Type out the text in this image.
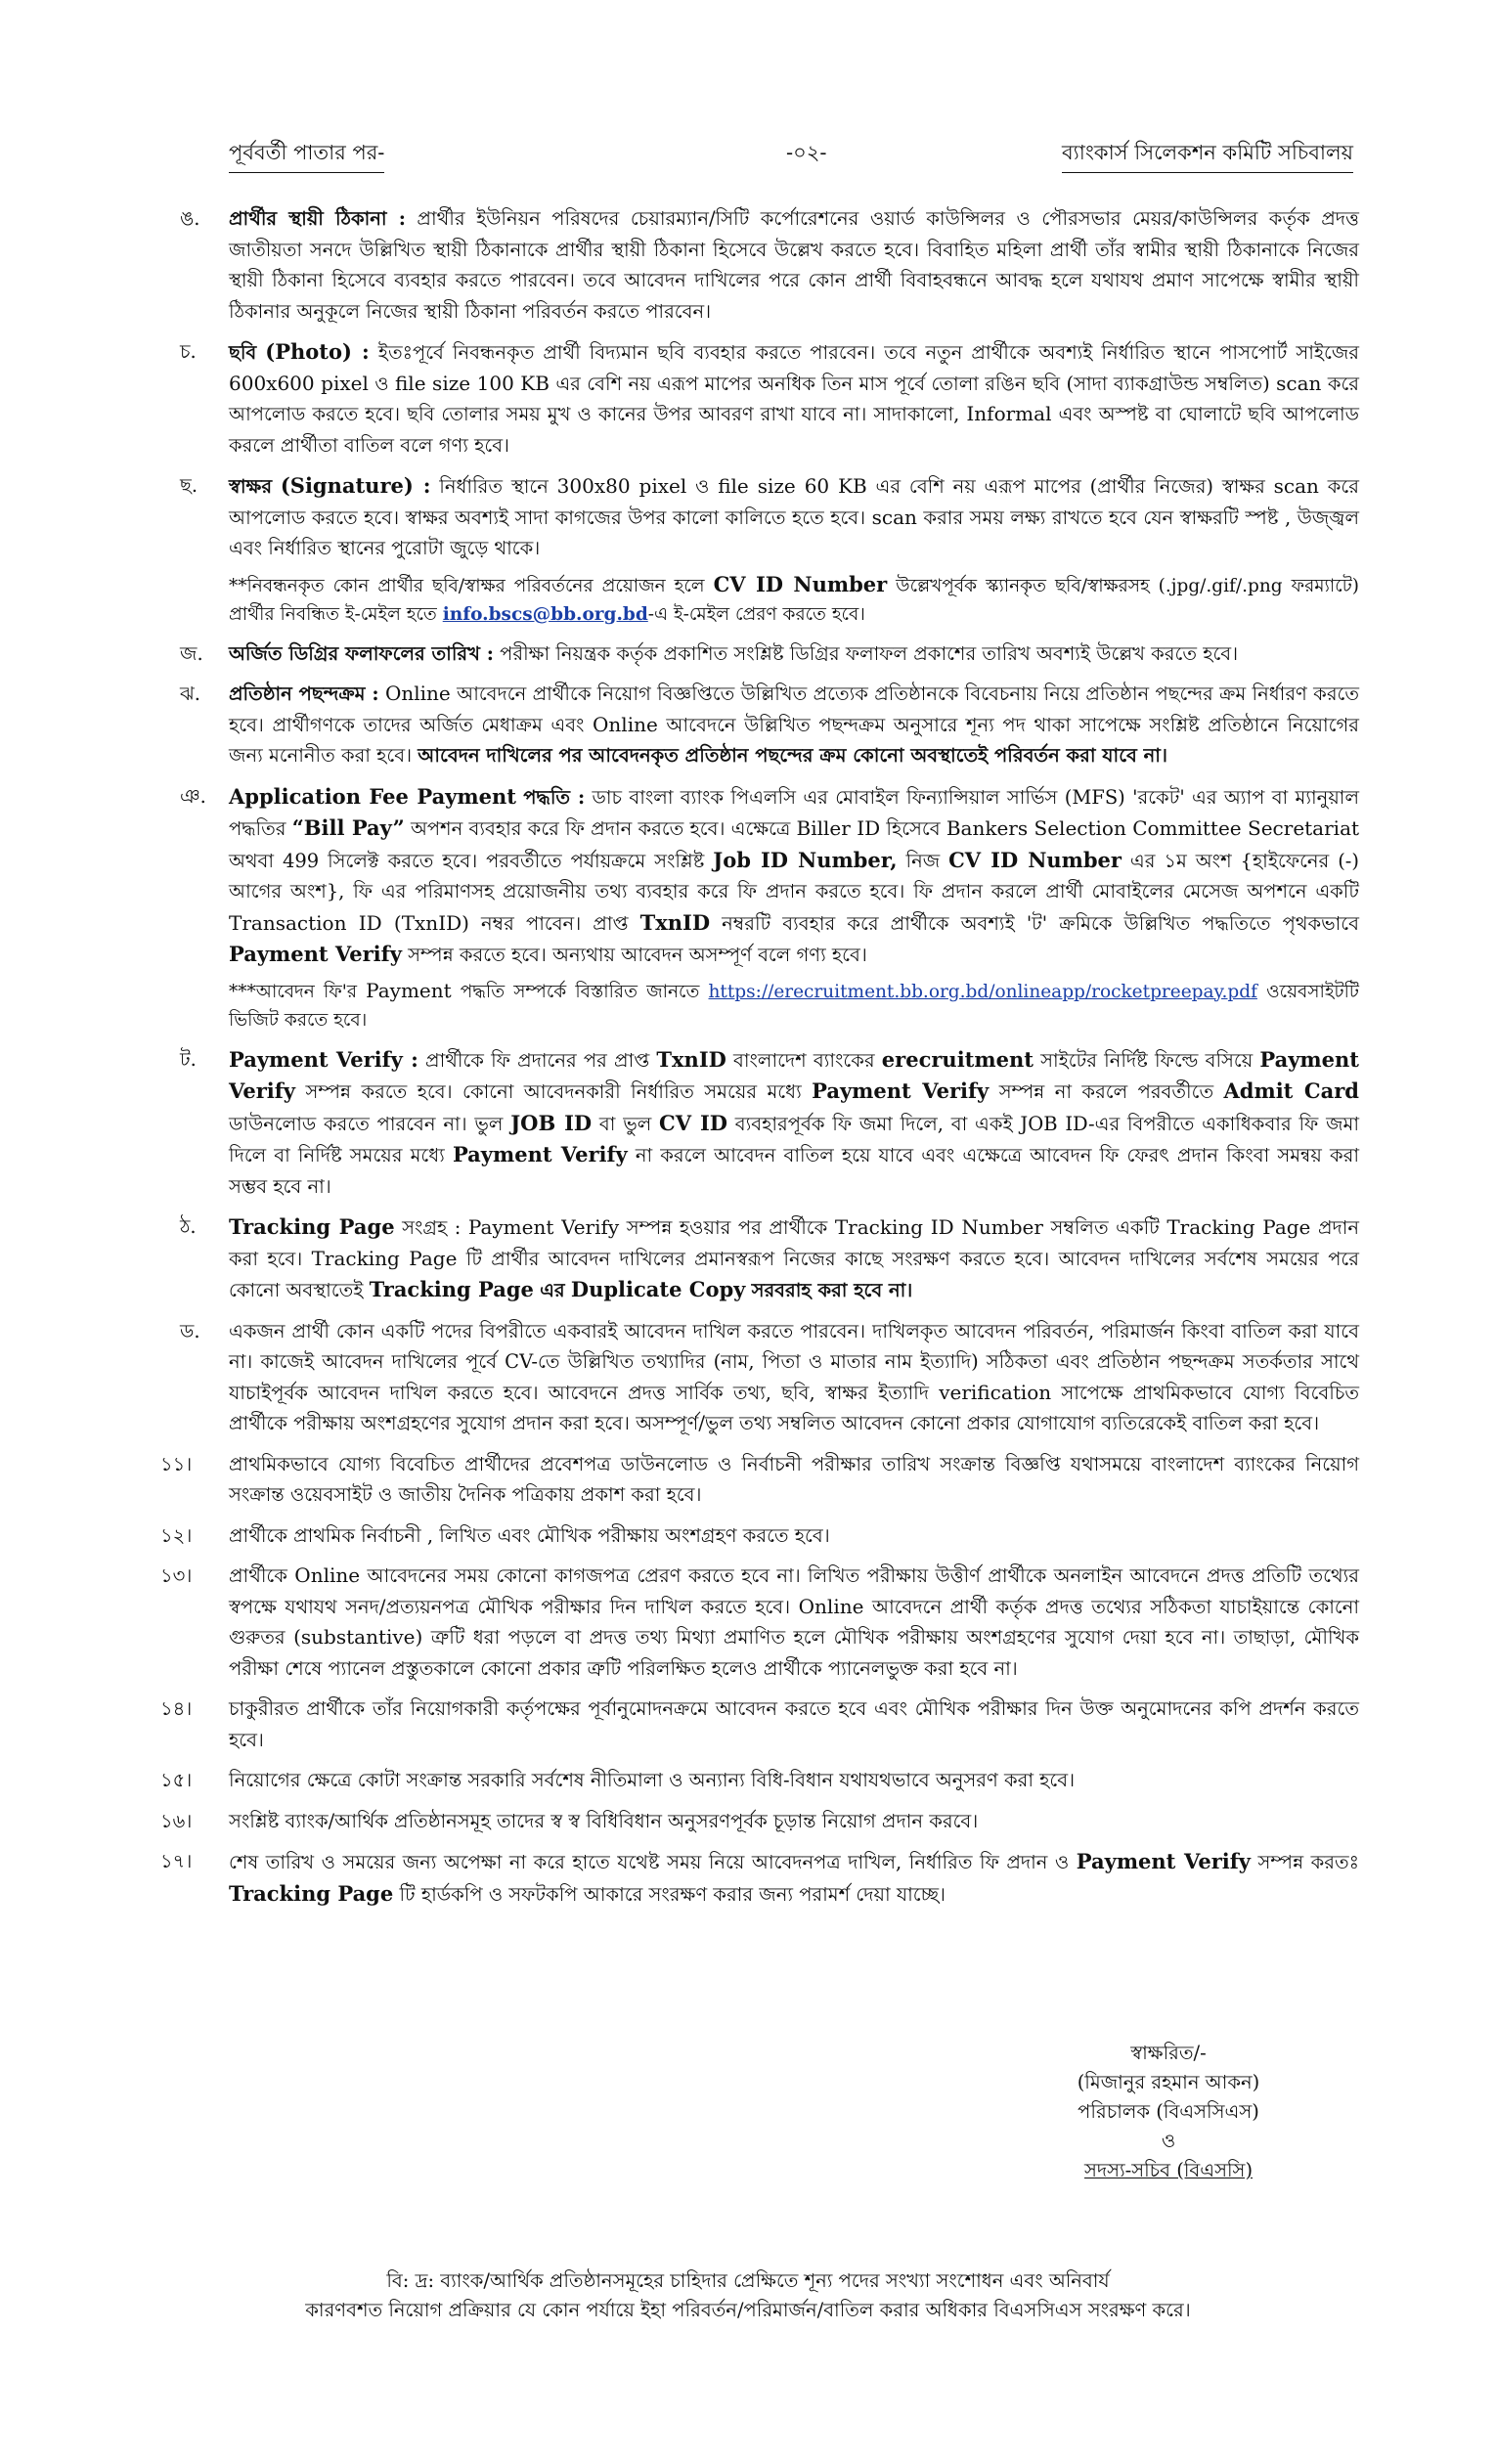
পূর্ববর্তী পাতার পর-	-০২-	ব্যাংকার্স সিলেকশন কমিটি সচিবালয়
ঙ.	প্রার্থীর স্থায়ী ঠিকানা : প্রার্থীর ইউনিয়ন পরিষদের চেয়ারম্যান/সিটি কর্পোরেশনের ওয়ার্ড কাউন্সিলর ও পৌরসভার মেয়র/কাউন্সিলর কর্তৃক প্রদত্ত জাতীয়তা সনদে উল্লিখিত স্থায়ী ঠিকানাকে প্রার্থীর স্থায়ী ঠিকানা হিসেবে উল্লেখ করতে হবে। বিবাহিত মহিলা প্রার্থী তাঁর স্বামীর স্থায়ী ঠিকানাকে নিজের স্থায়ী ঠিকানা হিসেবে ব্যবহার করতে পারবেন। তবে আবেদন দাখিলের পরে কোন প্রার্থী বিবাহবন্ধনে আবদ্ধ হলে যথাযথ প্রমাণ সাপেক্ষে স্বামীর স্থায়ী ঠিকানার অনুকূলে নিজের স্থায়ী ঠিকানা পরিবর্তন করতে পারবেন।
চ.	ছবি (Photo) : ইতঃপূর্বে নিবন্ধনকৃত প্রার্থী বিদ্যমান ছবি ব্যবহার করতে পারবেন। তবে নতুন প্রার্থীকে অবশ্যই নির্ধারিত স্থানে পাসপোর্ট সাইজের 600x600 pixel ও file size 100 KB এর বেশি নয় এরূপ মাপের অনধিক তিন মাস পূর্বে তোলা রঙিন ছবি (সাদা ব্যাকগ্রাউন্ড সম্বলিত) scan করে আপলোড করতে হবে। ছবি তোলার সময় মুখ ও কানের উপর আবরণ রাখা যাবে না। সাদাকালো, Informal এবং অস্পষ্ট বা ঘোলাটে ছবি আপলোড করলে প্রার্থীতা বাতিল বলে গণ্য হবে।
ছ.	স্বাক্ষর (Signature) : নির্ধারিত স্থানে 300x80 pixel ও file size 60 KB এর বেশি নয় এরূপ মাপের (প্রার্থীর নিজের) স্বাক্ষর scan করে আপলোড করতে হবে। স্বাক্ষর অবশ্যই সাদা কাগজের উপর কালো কালিতে হতে হবে। scan করার সময় লক্ষ্য রাখতে হবে যেন স্বাক্ষরটি স্পষ্ট , উজ্জ্বল এবং নির্ধারিত স্থানের পুরোটা জুড়ে থাকে।
**নিবন্ধনকৃত কোন প্রার্থীর ছবি/স্বাক্ষর পরিবর্তনের প্রয়োজন হলে CV ID Number উল্লেখপূর্বক স্ক্যানকৃত ছবি/স্বাক্ষরসহ (.jpg/.gif/.png ফরম্যাটে) প্রার্থীর নিবন্ধিত ই-মেইল হতে info.bscs@bb.org.bd-এ ই-মেইল প্রেরণ করতে হবে।
জ.	অর্জিত ডিগ্রির ফলাফলের তারিখ : পরীক্ষা নিয়ন্ত্রক কর্তৃক প্রকাশিত সংশ্লিষ্ট ডিগ্রির ফলাফল প্রকাশের তারিখ অবশ্যই উল্লেখ করতে হবে।
ঝ.	প্রতিষ্ঠান পছন্দক্রম : Online আবেদনে প্রার্থীকে নিয়োগ বিজ্ঞপ্তিতে উল্লিখিত প্রত্যেক প্রতিষ্ঠানকে বিবেচনায় নিয়ে প্রতিষ্ঠান পছন্দের ক্রম নির্ধারণ করতে হবে। প্রার্থীগণকে তাদের অর্জিত মেধাক্রম এবং Online আবেদনে উল্লিখিত পছন্দক্রম অনুসারে শূন্য পদ থাকা সাপেক্ষে সংশ্লিষ্ট প্রতিষ্ঠানে নিয়োগের জন্য মনোনীত করা হবে। আবেদন দাখিলের পর আবেদনকৃত প্রতিষ্ঠান পছন্দের ক্রম কোনো অবস্থাতেই পরিবর্তন করা যাবে না।
ঞ.	Application Fee Payment পদ্ধতি : ডাচ বাংলা ব্যাংক পিএলসি এর মোবাইল ফিন্যান্সিয়াল সার্ভিস (MFS) 'রকেট' এর অ্যাপ বা ম্যানুয়াল পদ্ধতির “Bill Pay” অপশন ব্যবহার করে ফি প্রদান করতে হবে। এক্ষেত্রে Biller ID হিসেবে Bankers Selection Committee Secretariat অথবা 499 সিলেক্ট করতে হবে। পরবর্তীতে পর্যায়ক্রমে সংশ্লিষ্ট Job ID Number, নিজ CV ID Number এর ১ম অংশ {হাইফেনের (-) আগের অংশ}, ফি এর পরিমাণসহ প্রয়োজনীয় তথ্য ব্যবহার করে ফি প্রদান করতে হবে। ফি প্রদান করলে প্রার্থী মোবাইলের মেসেজ অপশনে একটি Transaction ID (TxnID) নম্বর পাবেন। প্রাপ্ত TxnID নম্বরটি ব্যবহার করে প্রার্থীকে অবশ্যই 'ট' ক্রমিকে উল্লিখিত পদ্ধতিতে পৃথকভাবে Payment Verify সম্পন্ন করতে হবে। অন্যথায় আবেদন অসম্পূর্ণ বলে গণ্য হবে।
***আবেদন ফি'র Payment পদ্ধতি সম্পর্কে বিস্তারিত জানতে https://erecruitment.bb.org.bd/onlineapp/rocketpreepay.pdf ওয়েবসাইটটি ভিজিট করতে হবে।
ট.	Payment Verify : প্রার্থীকে ফি প্রদানের পর প্রাপ্ত TxnID বাংলাদেশ ব্যাংকের erecruitment সাইটের নির্দিষ্ট ফিল্ডে বসিয়ে Payment Verify সম্পন্ন করতে হবে। কোনো আবেদনকারী নির্ধারিত সময়ের মধ্যে Payment Verify সম্পন্ন না করলে পরবর্তীতে Admit Card ডাউনলোড করতে পারবেন না। ভুল JOB ID বা ভুল CV ID ব্যবহারপূর্বক ফি জমা দিলে, বা একই JOB ID-এর বিপরীতে একাধিকবার ফি জমা দিলে বা নির্দিষ্ট সময়ের মধ্যে Payment Verify না করলে আবেদন বাতিল হয়ে যাবে এবং এক্ষেত্রে আবেদন ফি ফেরৎ প্রদান কিংবা সমন্বয় করা সম্ভব হবে না।
ঠ.	Tracking Page সংগ্রহ : Payment Verify সম্পন্ন হওয়ার পর প্রার্থীকে Tracking ID Number সম্বলিত একটি Tracking Page প্রদান করা হবে। Tracking Page টি প্রার্থীর আবেদন দাখিলের প্রমানস্বরূপ নিজের কাছে সংরক্ষণ করতে হবে। আবেদন দাখিলের সর্বশেষ সময়ের পরে কোনো অবস্থাতেই Tracking Page এর Duplicate Copy সরবরাহ করা হবে না।
ড.	একজন প্রার্থী কোন একটি পদের বিপরীতে একবারই আবেদন দাখিল করতে পারবেন। দাখিলকৃত আবেদন পরিবর্তন, পরিমার্জন কিংবা বাতিল করা যাবে না। কাজেই আবেদন দাখিলের পূর্বে CV-তে উল্লিখিত তথ্যাদির (নাম, পিতা ও মাতার নাম ইত্যাদি) সঠিকতা এবং প্রতিষ্ঠান পছন্দক্রম সতর্কতার সাথে যাচাইপূর্বক আবেদন দাখিল করতে হবে। আবেদনে প্রদত্ত সার্বিক তথ্য, ছবি, স্বাক্ষর ইত্যাদি verification সাপেক্ষে প্রাথমিকভাবে যোগ্য বিবেচিত প্রার্থীকে পরীক্ষায় অংশগ্রহণের সুযোগ প্রদান করা হবে। অসম্পূর্ণ/ভুল তথ্য সম্বলিত আবেদন কোনো প্রকার যোগাযোগ ব্যতিরেকেই বাতিল করা হবে।
১১।	প্রাথমিকভাবে যোগ্য বিবেচিত প্রার্থীদের প্রবেশপত্র ডাউনলোড ও নির্বাচনী পরীক্ষার তারিখ সংক্রান্ত বিজ্ঞপ্তি যথাসময়ে বাংলাদেশ ব্যাংকের নিয়োগ সংক্রান্ত ওয়েবসাইট ও জাতীয় দৈনিক পত্রিকায় প্রকাশ করা হবে।
১২।	প্রার্থীকে প্রাথমিক নির্বাচনী , লিখিত এবং মৌখিক পরীক্ষায় অংশগ্রহণ করতে হবে।
১৩।	প্রার্থীকে Online আবেদনের সময় কোনো কাগজপত্র প্রেরণ করতে হবে না। লিখিত পরীক্ষায় উত্তীর্ণ প্রার্থীকে অনলাইন আবেদনে প্রদত্ত প্রতিটি তথ্যের স্বপক্ষে যথাযথ সনদ/প্রত্যয়নপত্র মৌখিক পরীক্ষার দিন দাখিল করতে হবে। Online আবেদনে প্রার্থী কর্তৃক প্রদত্ত তথ্যের সঠিকতা যাচাইয়ান্তে কোনো গুরুতর (substantive) ত্রুটি ধরা পড়লে বা প্রদত্ত তথ্য মিথ্যা প্রমাণিত হলে মৌখিক পরীক্ষায় অংশগ্রহণের সুযোগ দেয়া হবে না। তাছাড়া, মৌখিক পরীক্ষা শেষে প্যানেল প্রস্তুতকালে কোনো প্রকার ত্রুটি পরিলক্ষিত হলেও প্রার্থীকে প্যানেলভুক্ত করা হবে না।
১৪।	চাকুরীরত প্রার্থীকে তাঁর নিয়োগকারী কর্তৃপক্ষের পূর্বানুমোদনক্রমে আবেদন করতে হবে এবং মৌখিক পরীক্ষার দিন উক্ত অনুমোদনের কপি প্রদর্শন করতে হবে।
১৫।	নিয়োগের ক্ষেত্রে কোটা সংক্রান্ত সরকারি সর্বশেষ নীতিমালা ও অন্যান্য বিধি-বিধান যথাযথভাবে অনুসরণ করা হবে।
১৬।	সংশ্লিষ্ট ব্যাংক/আর্থিক প্রতিষ্ঠানসমূহ তাদের স্ব স্ব বিধিবিধান অনুসরণপূর্বক চূড়ান্ত নিয়োগ প্রদান করবে।
১৭।	শেষ তারিখ ও সময়ের জন্য অপেক্ষা না করে হাতে যথেষ্ট সময় নিয়ে আবেদনপত্র দাখিল, নির্ধারিত ফি প্রদান ও Payment Verify সম্পন্ন করতঃ Tracking Page টি হার্ডকপি ও সফটকপি আকারে সংরক্ষণ করার জন্য পরামর্শ দেয়া যাচ্ছে।
স্বাক্ষরিত/-
(মিজানুর রহমান আকন)
পরিচালক (বিএসসিএস)
ও
সদস্য-সচিব (বিএসসি)
বি: দ্র: ব্যাংক/আর্থিক প্রতিষ্ঠানসমূহের চাহিদার প্রেক্ষিতে শূন্য পদের সংখ্যা সংশোধন এবং অনিবার্য
কারণবশত নিয়োগ প্রক্রিয়ার যে কোন পর্যায়ে ইহা পরিবর্তন/পরিমার্জন/বাতিল করার অধিকার বিএসসিএস সংরক্ষণ করে।
